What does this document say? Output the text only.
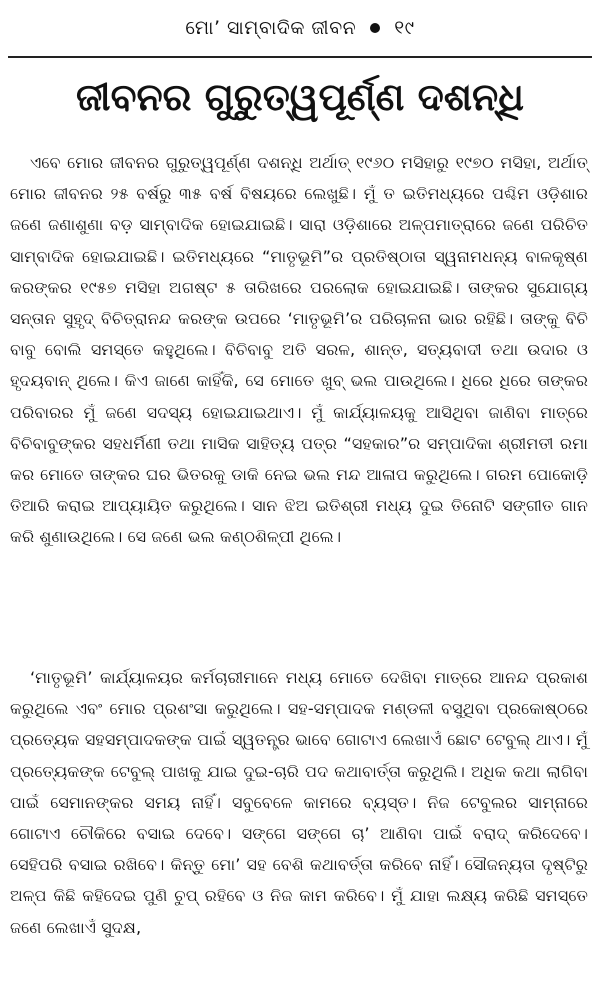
ମୋ’ ସାମ୍ବାଦିକ ଜୀବନ ୧୯
ଜୀବନର ଗୁରୁତ୍ୱପୂର୍ଣ୍ଣ ଦଶନ୍ଧି

ଏବେ ମୋର ଜୀବନର ଗୁରୁତ୍ୱପୂର୍ଣ୍ଣ ଦଶନ୍ଧି ଅର୍ଥାତ୍ ୧୯୬୦ ମସିହାରୁ ୧୯୭୦ ମସିହା, ଅର୍ଥାତ୍ ମୋର ଜୀବନର ୨୫ ବର୍ଷରୁ ୩୫ ବର୍ଷ ବିଷୟରେ ଲେଖୁଛି। ମୁଁ ତ ଇତିମଧ୍ୟରେ ପଶ୍ଚିମ ଓଡ଼ିଶାର ଜଣେ ଜଣାଶୁଣା ବଡ଼ ସାମ୍ବାଦିକ ହୋଇଯାଇଛି। ସାରା ଓଡ଼ିଶାରେ ଅଳ୍ପମାତ୍ରାରେ ଜଣେ ପରିଚିତ ସାମ୍ବାଦିକ ହୋଇଯାଇଛି। ଇତିମଧ୍ୟରେ “ମାତୃଭୂମି”ର ପ୍ରତିଷ୍ଠାତା ସ୍ୱନାମଧନ୍ୟ ବାଳକୃଷ୍ଣ କରଙ୍କର ୧୯୫୭ ମସିହା ଅଗଷ୍ଟ ୫ ତାରିଖରେ ପରଲୋକ ହୋଇଯାଇଛି। ତାଙ୍କର ସୁଯୋଗ୍ୟ ସନ୍ତାନ ସୁହୃଦ୍ ବିଚିତ୍ରାନନ୍ଦ କରଙ୍କ ଉପରେ ‘ମାତୃଭୂମି’ର ପରିଚାଳନା ଭାର ରହିଛି। ତାଙ୍କୁ ବିଚି ବାବୁ ବୋଲି ସମସ୍ତେ କହୁଥିଲେ। ବିଚିବାବୁ ଅତି ସରଳ, ଶାନ୍ତ, ସତ୍ୟବାଦୀ ତଥା ଉଦାର ଓ ହୃଦୟବାନ୍ ଥିଲେ। କିଏ ଜାଣେ କାହିଁକି, ସେ ମୋତେ ଖୁବ୍ ଭଲ ପାଉଥିଲେ। ଧିରେ ଧିରେ ତାଙ୍କର ପରିବାରର ମୁଁ ଜଣେ ସଦସ୍ୟ ହୋଇଯାଇଥାଏ। ମୁଁ କାର୍ଯ୍ୟାଳୟକୁ ଆସିଥିବା ଜାଣିବା ମାତ୍ରେ ବିଚିବାବୁଙ୍କର ସହଧର୍ମିଣୀ ତଥା ମାସିକ ସାହିତ୍ୟ ପତ୍ର “ସହକାର”ର ସମ୍ପାଦିକା ଶ୍ରୀମତୀ ରମା କର ମୋତେ ତାଙ୍କର ଘର ଭିତରକୁ ଡାକି ନେଇ ଭଲ ମନ୍ଦ ଆଳାପ କରୁଥିଲେ। ଗରମ ପୋକୋଡ଼ି ତିଆରି କରାଇ ଆପ୍ୟାୟିତ କରୁଥିଲେ। ସାନ ଝିଅ ଇତିଶ୍ରୀ ମଧ୍ୟ ଦୁଇ ତିନୋଟି ସଙ୍ଗୀତ ଗାନ କରି ଶୁଣାଉଥିଲେ। ସେ ଜଣେ ଭଲ କଣ୍ଠଶିଳ୍ପୀ ଥିଲେ।

‘ମାତୃଭୂମି’ କାର୍ଯ୍ୟାଳୟର କର୍ମଚାରୀମାନେ ମଧ୍ୟ ମୋତେ ଦେଖିବା ମାତ୍ରେ ଆନନ୍ଦ ପ୍ରକାଶ କରୁଥିଲେ ଏବଂ ମୋର ପ୍ରଶଂସା କରୁଥିଲେ। ସହ-ସମ୍ପାଦକ ମଣ୍ଡଳୀ ବସୁଥିବା ପ୍ରକୋଷ୍ଠରେ ପ୍ରତ୍ୟେକ ସହସମ୍ପାଦକଙ୍କ ପାଇଁ ସ୍ୱତନ୍ତ୍ର ଭାବେ ଗୋଟାଏ ଲେଖାଏଁ ଛୋଟ ଟେବୁଲ୍ ଥାଏ। ମୁଁ ପ୍ରତ୍ୟେକଙ୍କ ଟେବୁଲ୍ ପାଖକୁ ଯାଇ ଦୁଇ-ଚାରି ପଦ କଥାବାର୍ତ୍ତା କରୁଥିଲି। ଅଧିକ କଥା ଲାଗିବା ପାଇଁ ସେମାନଙ୍କର ସମୟ ନାହିଁ। ସବୁବେଳେ କାମରେ ବ୍ୟସ୍ତ। ନିଜ ଟେବୁଲର ସାମ୍ନାରେ ଗୋଟାଏ ଚୌକିରେ ବସାଇ ଦେବେ। ସଙ୍ଗେ ସଙ୍ଗେ ଚା’ ଆଣିବା ପାଇଁ ବରାଦ୍ କରିଦେବେ। ସେହିପରି ବସାଇ ରଖିବେ। କିନ୍ତୁ ମୋ’ ସହ ବେଶି କଥାବର୍ତ୍ତା କରିବେ ନାହିଁ। ସୌଜନ୍ୟତା ଦୃଷ୍ଟିରୁ ଅଳ୍ପ କିଛି କହିଦେଇ ପୁଣି ଚୁପ୍ ରହିବେ ଓ ନିଜ କାମ କରିବେ। ମୁଁ ଯାହା ଲକ୍ଷ୍ୟ କରିଛି ସମସ୍ତେ ଜଣେ ଲେଖାଏଁ ସୁଦକ୍ଷ,
